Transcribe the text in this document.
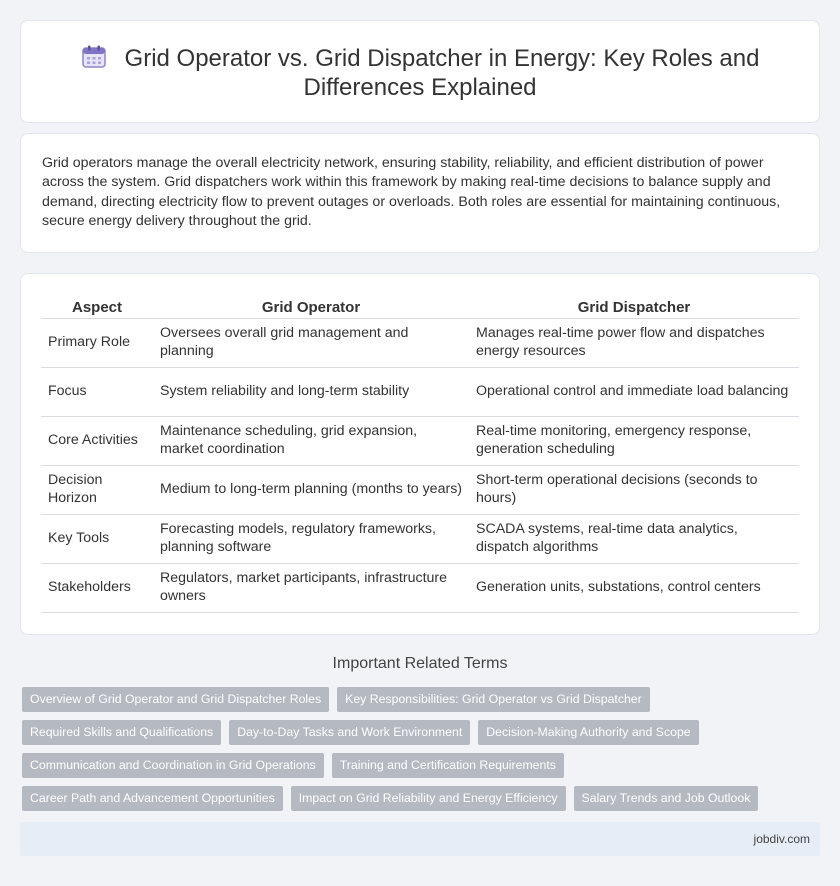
Grid Operator vs. Grid Dispatcher in Energy: Key Roles and Differences Explained

Grid operators manage the overall electricity network, ensuring stability, reliability, and efficient distribution of power across the system. Grid dispatchers work within this framework by making real-time decisions to balance supply and demand, directing electricity flow to prevent outages or overloads. Both roles are essential for maintaining continuous, secure energy delivery throughout the grid.

Aspect	Grid Operator	Grid Dispatcher
Primary Role	Oversees overall grid management and planning	Manages real-time power flow and dispatches energy resources
Focus	System reliability and long-term stability	Operational control and immediate load balancing
Core Activities	Maintenance scheduling, grid expansion, market coordination	Real-time monitoring, emergency response, generation scheduling
Decision Horizon	Medium to long-term planning (months to years)	Short-term operational decisions (seconds to hours)
Key Tools	Forecasting models, regulatory frameworks, planning software	SCADA systems, real-time data analytics, dispatch algorithms
Stakeholders	Regulators, market participants, infrastructure owners	Generation units, substations, control centers
Important Related Terms
Overview of Grid Operator and Grid Dispatcher Roles	Key Responsibilities: Grid Operator vs Grid Dispatcher
Required Skills and Qualifications	Day-to-Day Tasks and Work Environment	Decision-Making Authority and Scope
Communication and Coordination in Grid Operations	Training and Certification Requirements
Career Path and Advancement Opportunities	Impact on Grid Reliability and Energy Efficiency	Salary Trends and Job Outlook
jobdiv.com
